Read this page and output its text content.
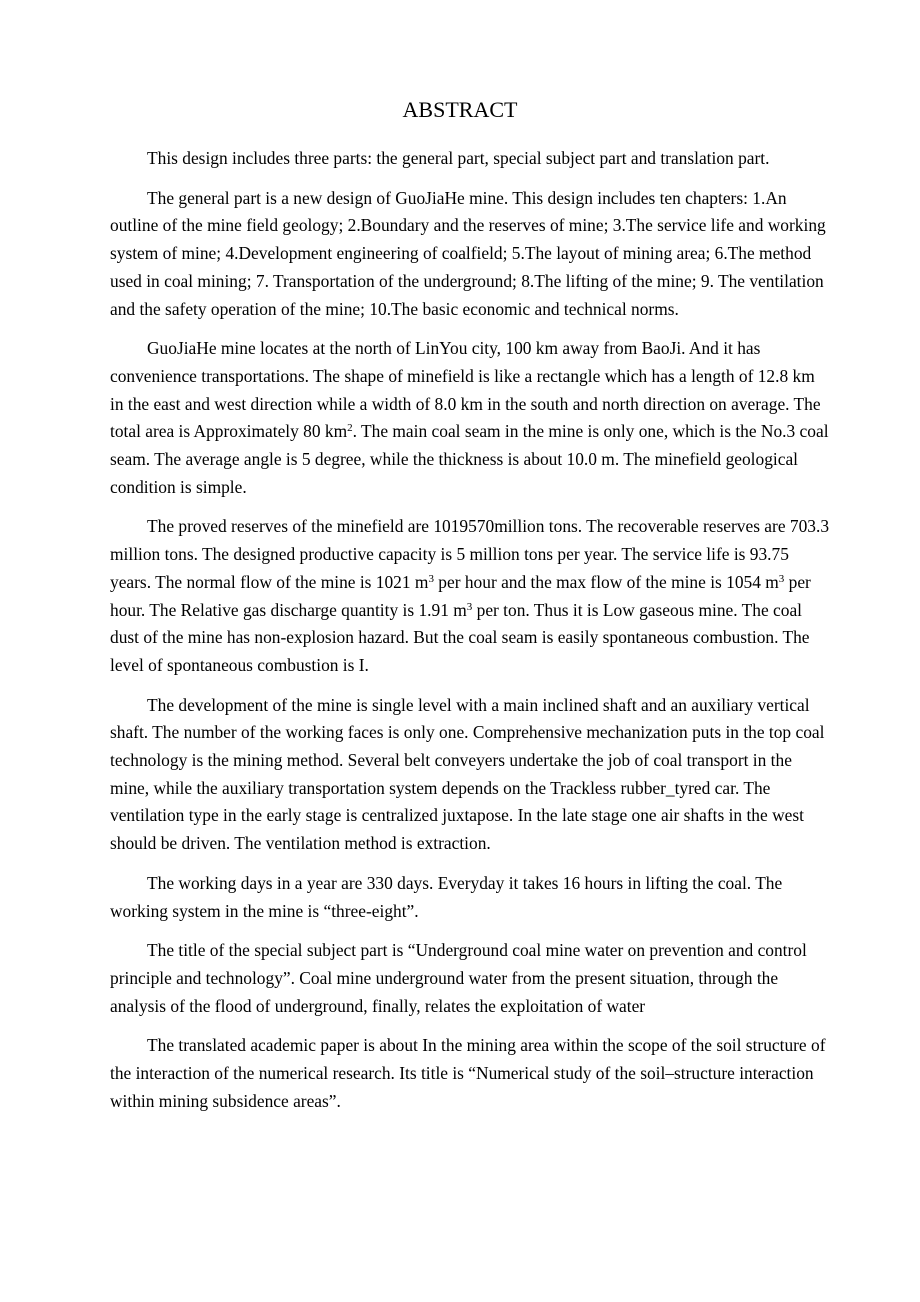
ABSTRACT

This design includes three parts: the general part, special subject part and translation part.

The general part is a new design of GuoJiaHe mine. This design includes ten chapters: 1.An outline of the mine field geology; 2.Boundary and the reserves of mine; 3.The service life and working system of mine; 4.Development engineering of coalfield; 5.The layout of mining area; 6.The method used in coal mining; 7. Transportation of the underground; 8.The lifting of the mine; 9. The ventilation and the safety operation of the mine; 10.The basic economic and technical norms.

GuoJiaHe mine locates at the north of LinYou city, 100 km away from BaoJi. And it has convenience transportations. The shape of minefield is like a rectangle which has a length of 12.8 km in the east and west direction while a width of 8.0 km in the south and north direction on average. The total area is Approximately 80 $km^2$. The main coal seam in the mine is only one, which is the No.3 coal seam. The average angle is 5 degree, while the thickness is about 10.0 m. The minefield geological condition is simple.

The proved reserves of the minefield are 1019570million tons. The recoverable reserves are 703.3 million tons. The designed productive capacity is 5 million tons per year. The service life is 93.75 years. The normal flow of the mine is 1021 $m^3$ per hour and the max flow of the mine is 1054 $m^3$ per hour. The Relative gas discharge quantity is 1.91 $m^3$ per ton. Thus it is Low gaseous mine. The coal dust of the mine has non-explosion hazard. But the coal seam is easily spontaneous combustion. The level of spontaneous combustion is I.

The development of the mine is single level with a main inclined shaft and an auxiliary vertical shaft. The number of the working faces is only one. Comprehensive mechanization puts in the top coal technology is the mining method. Several belt conveyers undertake the job of coal transport in the mine, while the auxiliary transportation system depends on the Trackless rubber_tyred car. The ventilation type in the early stage is centralized juxtapose. In the late stage one air shafts in the west should be driven. The ventilation method is extraction.

The working days in a year are 330 days. Everyday it takes 16 hours in lifting the coal. The working system in the mine is “three-eight”.

The title of the special subject part is “Underground coal mine water on prevention and control principle and technology”. Coal mine underground water from the present situation, through the analysis of the flood of underground, finally, relates the exploitation of water

The translated academic paper is about In the mining area within the scope of the soil structure of the interaction of the numerical research. Its title is “Numerical study of the soil–structure interaction within mining subsidence areas”.
